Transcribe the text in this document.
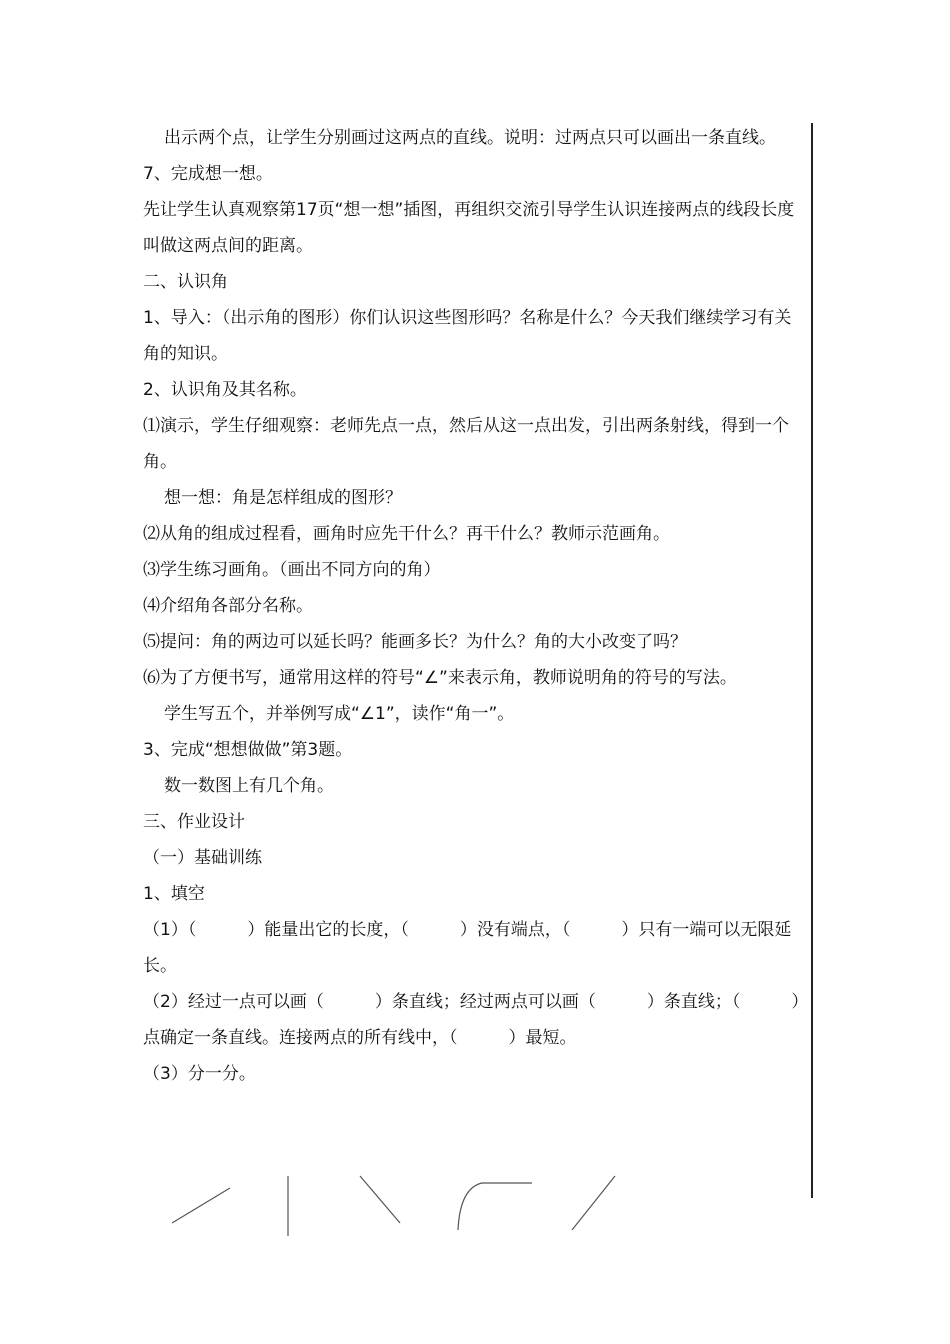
出示两个点，让学生分别画过这两点的直线。说明：过两点只可以画出一条直线。

7、完成想一想。

先让学生认真观察第17页“想一想”插图，再组织交流引导学生认识连接两点的线段长度叫做这两点间的距离。

二、认识角

1、导入：（出示角的图形）你们认识这些图形吗？名称是什么？今天我们继续学习有关角的知识。

2、认识角及其名称。

⑴演示，学生仔细观察：老师先点一点，然后从这一点出发，引出两条射线，得到一个角。

想一想：角是怎样组成的图形？

⑵从角的组成过程看，画角时应先干什么？再干什么？教师示范画角。

⑶学生练习画角。（画出不同方向的角）

⑷介绍角各部分名称。

⑸提问：角的两边可以延长吗？能画多长？为什么？角的大小改变了吗？

⑹为了方便书写，通常用这样的符号“∠”来表示角，教师说明角的符号的写法。

学生写五个，并举例写成“∠1”，读作“角一”。

3、完成“想想做做”第3题。

数一数图上有几个角。

三、作业设计

（一）基础训练

1、填空

（1）（　　　）能量出它的长度，（　　　）没有端点，（　　　）只有一端可以无限延长。

（2）经过一点可以画（　　　）条直线；经过两点可以画（　　　）条直线；（　　　）点确定一条直线。连接两点的所有线中，（　　　）最短。

（3）分一分。
